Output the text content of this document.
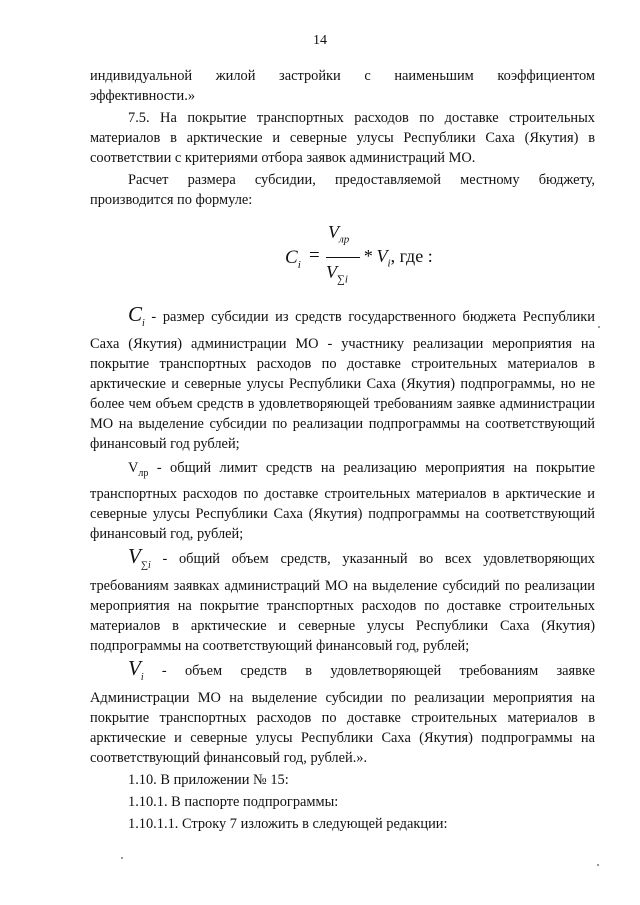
14
индивидуальной жилой застройки с наименьшим коэффициентом
эффективности.»

7.5. На покрытие транспортных расходов по доставке строительных материалов в арктические и северные улусы Республики Саха (Якутия) в соответствии с критериями отбора заявок администраций МО.

Расчет размера субсидии, предоставляемой местному бюджету, производится по формуле:

$C_i$ =
$V_{лр}$
$V_{\sum i}$
* $V_i$, где :

$C_i$ - размер субсидии из средств государственного бюджета Республики Саха (Якутия) администрации МО - участнику реализации мероприятия на покрытие транспортных расходов по доставке строительных материалов в арктические и северные улусы Республики Саха (Якутия) подпрограммы, но не более чем объем средств в удовлетворяющей требованиям заявке администрации МО на выделение субсидии по реализации подпрограммы на соответствующий финансовый год рублей;

$V_{лр}$ - общий лимит средств на реализацию мероприятия на покрытие транспортных расходов по доставке строительных материалов в арктические и северные улусы Республики Саха (Якутия) подпрограммы на соответствующий финансовый год, рублей;

$V_{\sum i}$ - общий объем средств, указанный во всех удовлетворяющих требованиям заявках администраций МО на выделение субсидий по реализации мероприятия на покрытие транспортных расходов по доставке строительных материалов в арктические и северные улусы Республики Саха (Якутия) подпрограммы на соответствующий финансовый год, рублей;

$V_i$ - объем средств в удовлетворяющей требованиям заявке Администрации МО на выделение субсидии по реализации мероприятия на покрытие транспортных расходов по доставке строительных материалов в арктические и северные улусы Республики Саха (Якутия) подпрограммы на соответствующий финансовый год, рублей.».

1.10. В приложении № 15:

1.10.1. В паспорте подпрограммы:

1.10.1.1. Строку 7 изложить в следующей редакции:
